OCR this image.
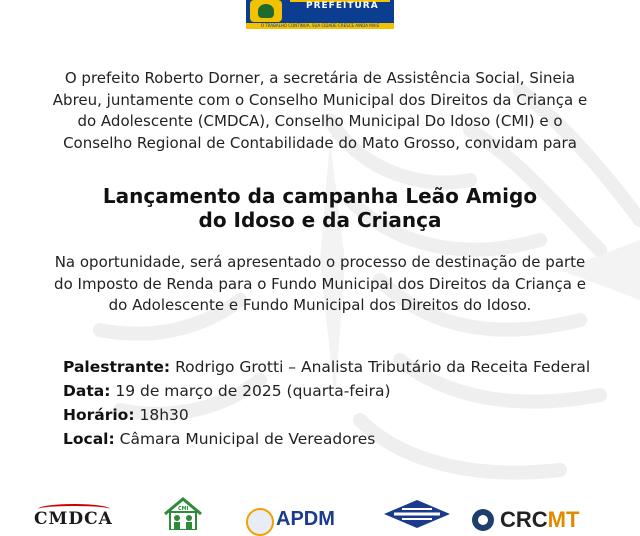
PREFEITURA
O TRABALHO CONTINUA, SUA CIDADE CRESCE AINDA MAIS

O prefeito Roberto Dorner, a secretária de Assistência Social, Sineia Abreu, juntamente com o Conselho Municipal dos Direitos da Criança e do Adolescente (CMDCA), Conselho Municipal Do Idoso (CMI) e o Conselho Regional de Contabilidade do Mato Grosso, convidam para

Lançamento da campanha Leão Amigo
do Idoso e da Criança

Na oportunidade, será apresentado o processo de destinação de parte do Imposto de Renda para o Fundo Municipal dos Direitos da Criança e do Adolescente e Fundo Municipal dos Direitos do Idoso.

Palestrante: Rodrigo Grotti – Analista Tributário da Receita Federal
Data: 19 de março de 2025 (quarta-feira)
Horário: 18h30
Local: Câmara Municipal de Vereadores
CMDCA	CMI	APDM	CRCMT
